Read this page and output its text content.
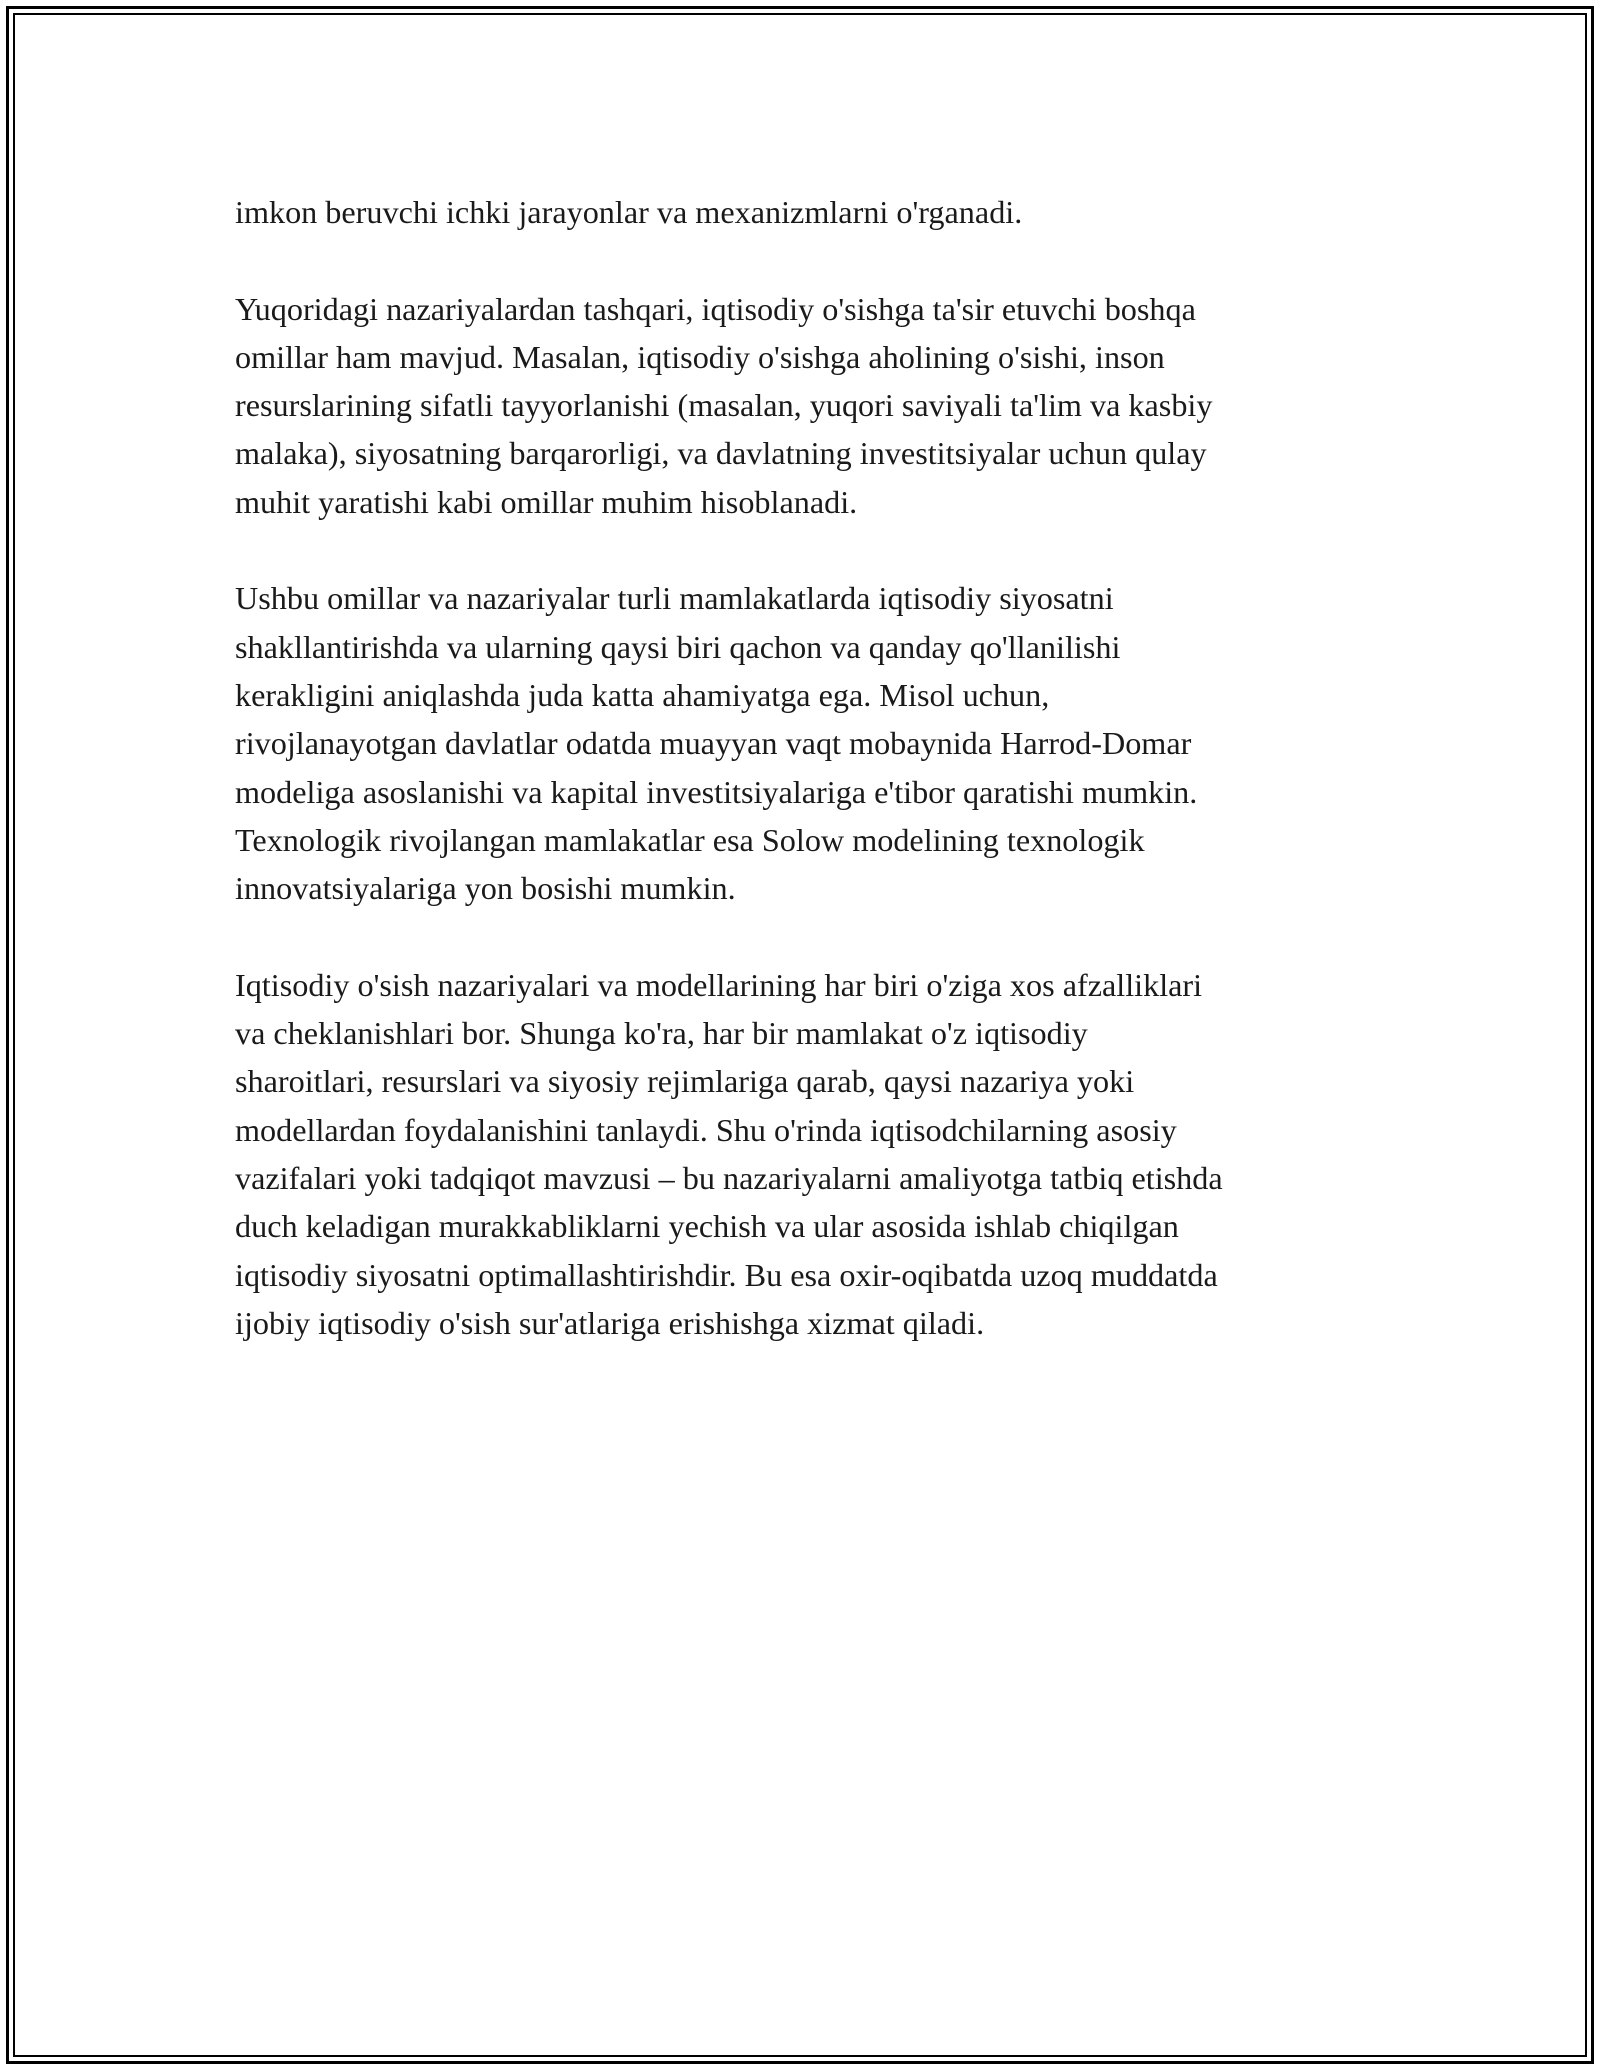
imkon beruvchi ichki jarayonlar va mexanizmlarni o'rganadi.

Yuqoridagi nazariyalardan tashqari, iqtisodiy o'sishga ta'sir etuvchi boshqa
omillar ham mavjud. Masalan, iqtisodiy o'sishga aholining o'sishi, inson
resurslarining sifatli tayyorlanishi (masalan, yuqori saviyali ta'lim va kasbiy
malaka), siyosatning barqarorligi, va davlatning investitsiyalar uchun qulay
muhit yaratishi kabi omillar muhim hisoblanadi.

Ushbu omillar va nazariyalar turli mamlakatlarda iqtisodiy siyosatni
shakllantirishda va ularning qaysi biri qachon va qanday qo'llanilishi
kerakligini aniqlashda juda katta ahamiyatga ega. Misol uchun,
rivojlanayotgan davlatlar odatda muayyan vaqt mobaynida Harrod-Domar
modeliga asoslanishi va kapital investitsiyalariga e'tibor qaratishi mumkin.
Texnologik rivojlangan mamlakatlar esa Solow modelining texnologik
innovatsiyalariga yon bosishi mumkin.

Iqtisodiy o'sish nazariyalari va modellarining har biri o'ziga xos afzalliklari
va cheklanishlari bor. Shunga ko'ra, har bir mamlakat o'z iqtisodiy
sharoitlari, resurslari va siyosiy rejimlariga qarab, qaysi nazariya yoki
modellardan foydalanishini tanlaydi. Shu o'rinda iqtisodchilarning asosiy
vazifalari yoki tadqiqot mavzusi – bu nazariyalarni amaliyotga tatbiq etishda
duch keladigan murakkabliklarni yechish va ular asosida ishlab chiqilgan
iqtisodiy siyosatni optimallashtirishdir. Bu esa oxir-oqibatda uzoq muddatda
ijobiy iqtisodiy o'sish sur'atlariga erishishga xizmat qiladi.
